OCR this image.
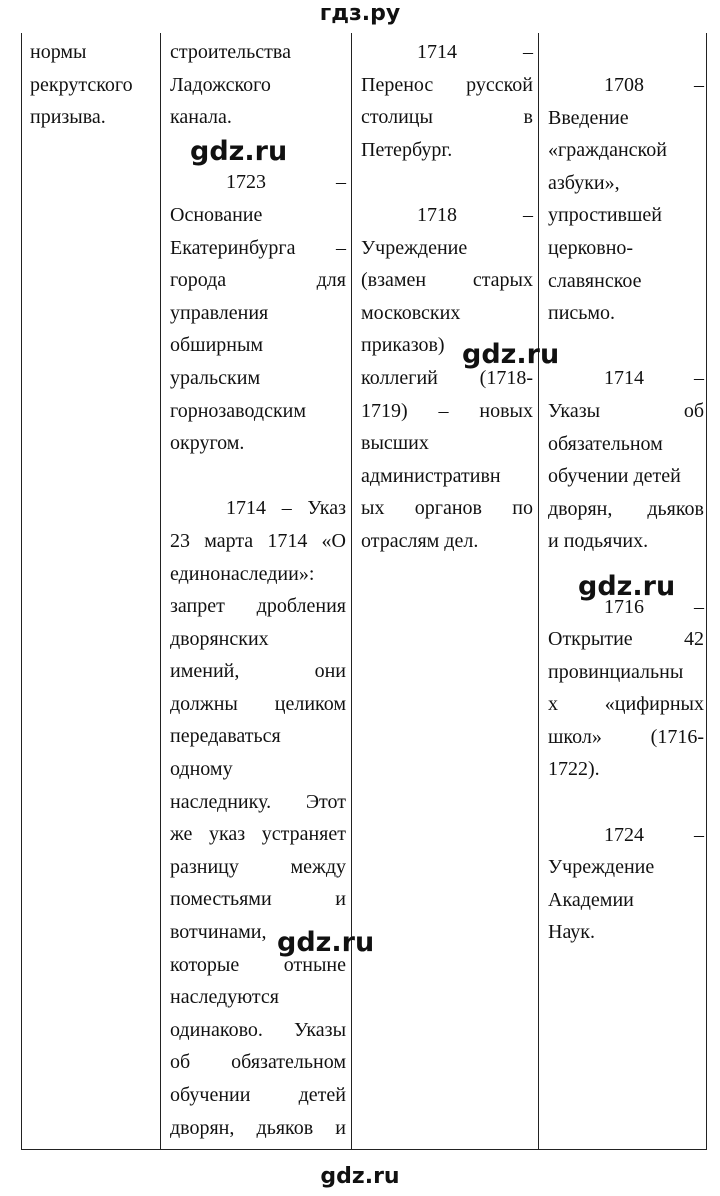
гдз.ру

нормы

рекрутского

призыва.

строительства

Ладожского

канала.

1723 –

Основание

Екатеринбурга –

города для

управления

обширным

уральским

горнозаводским

округом.

1714 – Указ

23 марта 1714 «О

единонаследии»:

запрет дробления

дворянских

имений, они

должны целиком

передаваться

одному

наследнику. Этот

же указ устраняет

разницу между

поместьями и

вотчинами,

которые отныне

наследуются

одинаково. Указы

об обязательном

обучении детей

дворян, дьяков и

1714 –

Перенос русской

столицы в

Петербург.

1718 –

Учреждение

(взамен старых

московских

приказов)

коллегий (1718-

1719) – новых

высших

административн

ых органов по

отраслям дел.

1708 –

Введение

«гражданской

азбуки»,

упростившей

церковно-

славянское

письмо.

1714 –

Указы об

обязательном

обучении детей

дворян, дьяков

и подьячих.

1716 –

Открытие 42

провинциальны

х «цифирных

школ» (1716-

1722).

1724 –

Учреждение

Академии

Наук.

gdz.ru
gdz.ru
gdz.ru
gdz.ru
gdz.ru
